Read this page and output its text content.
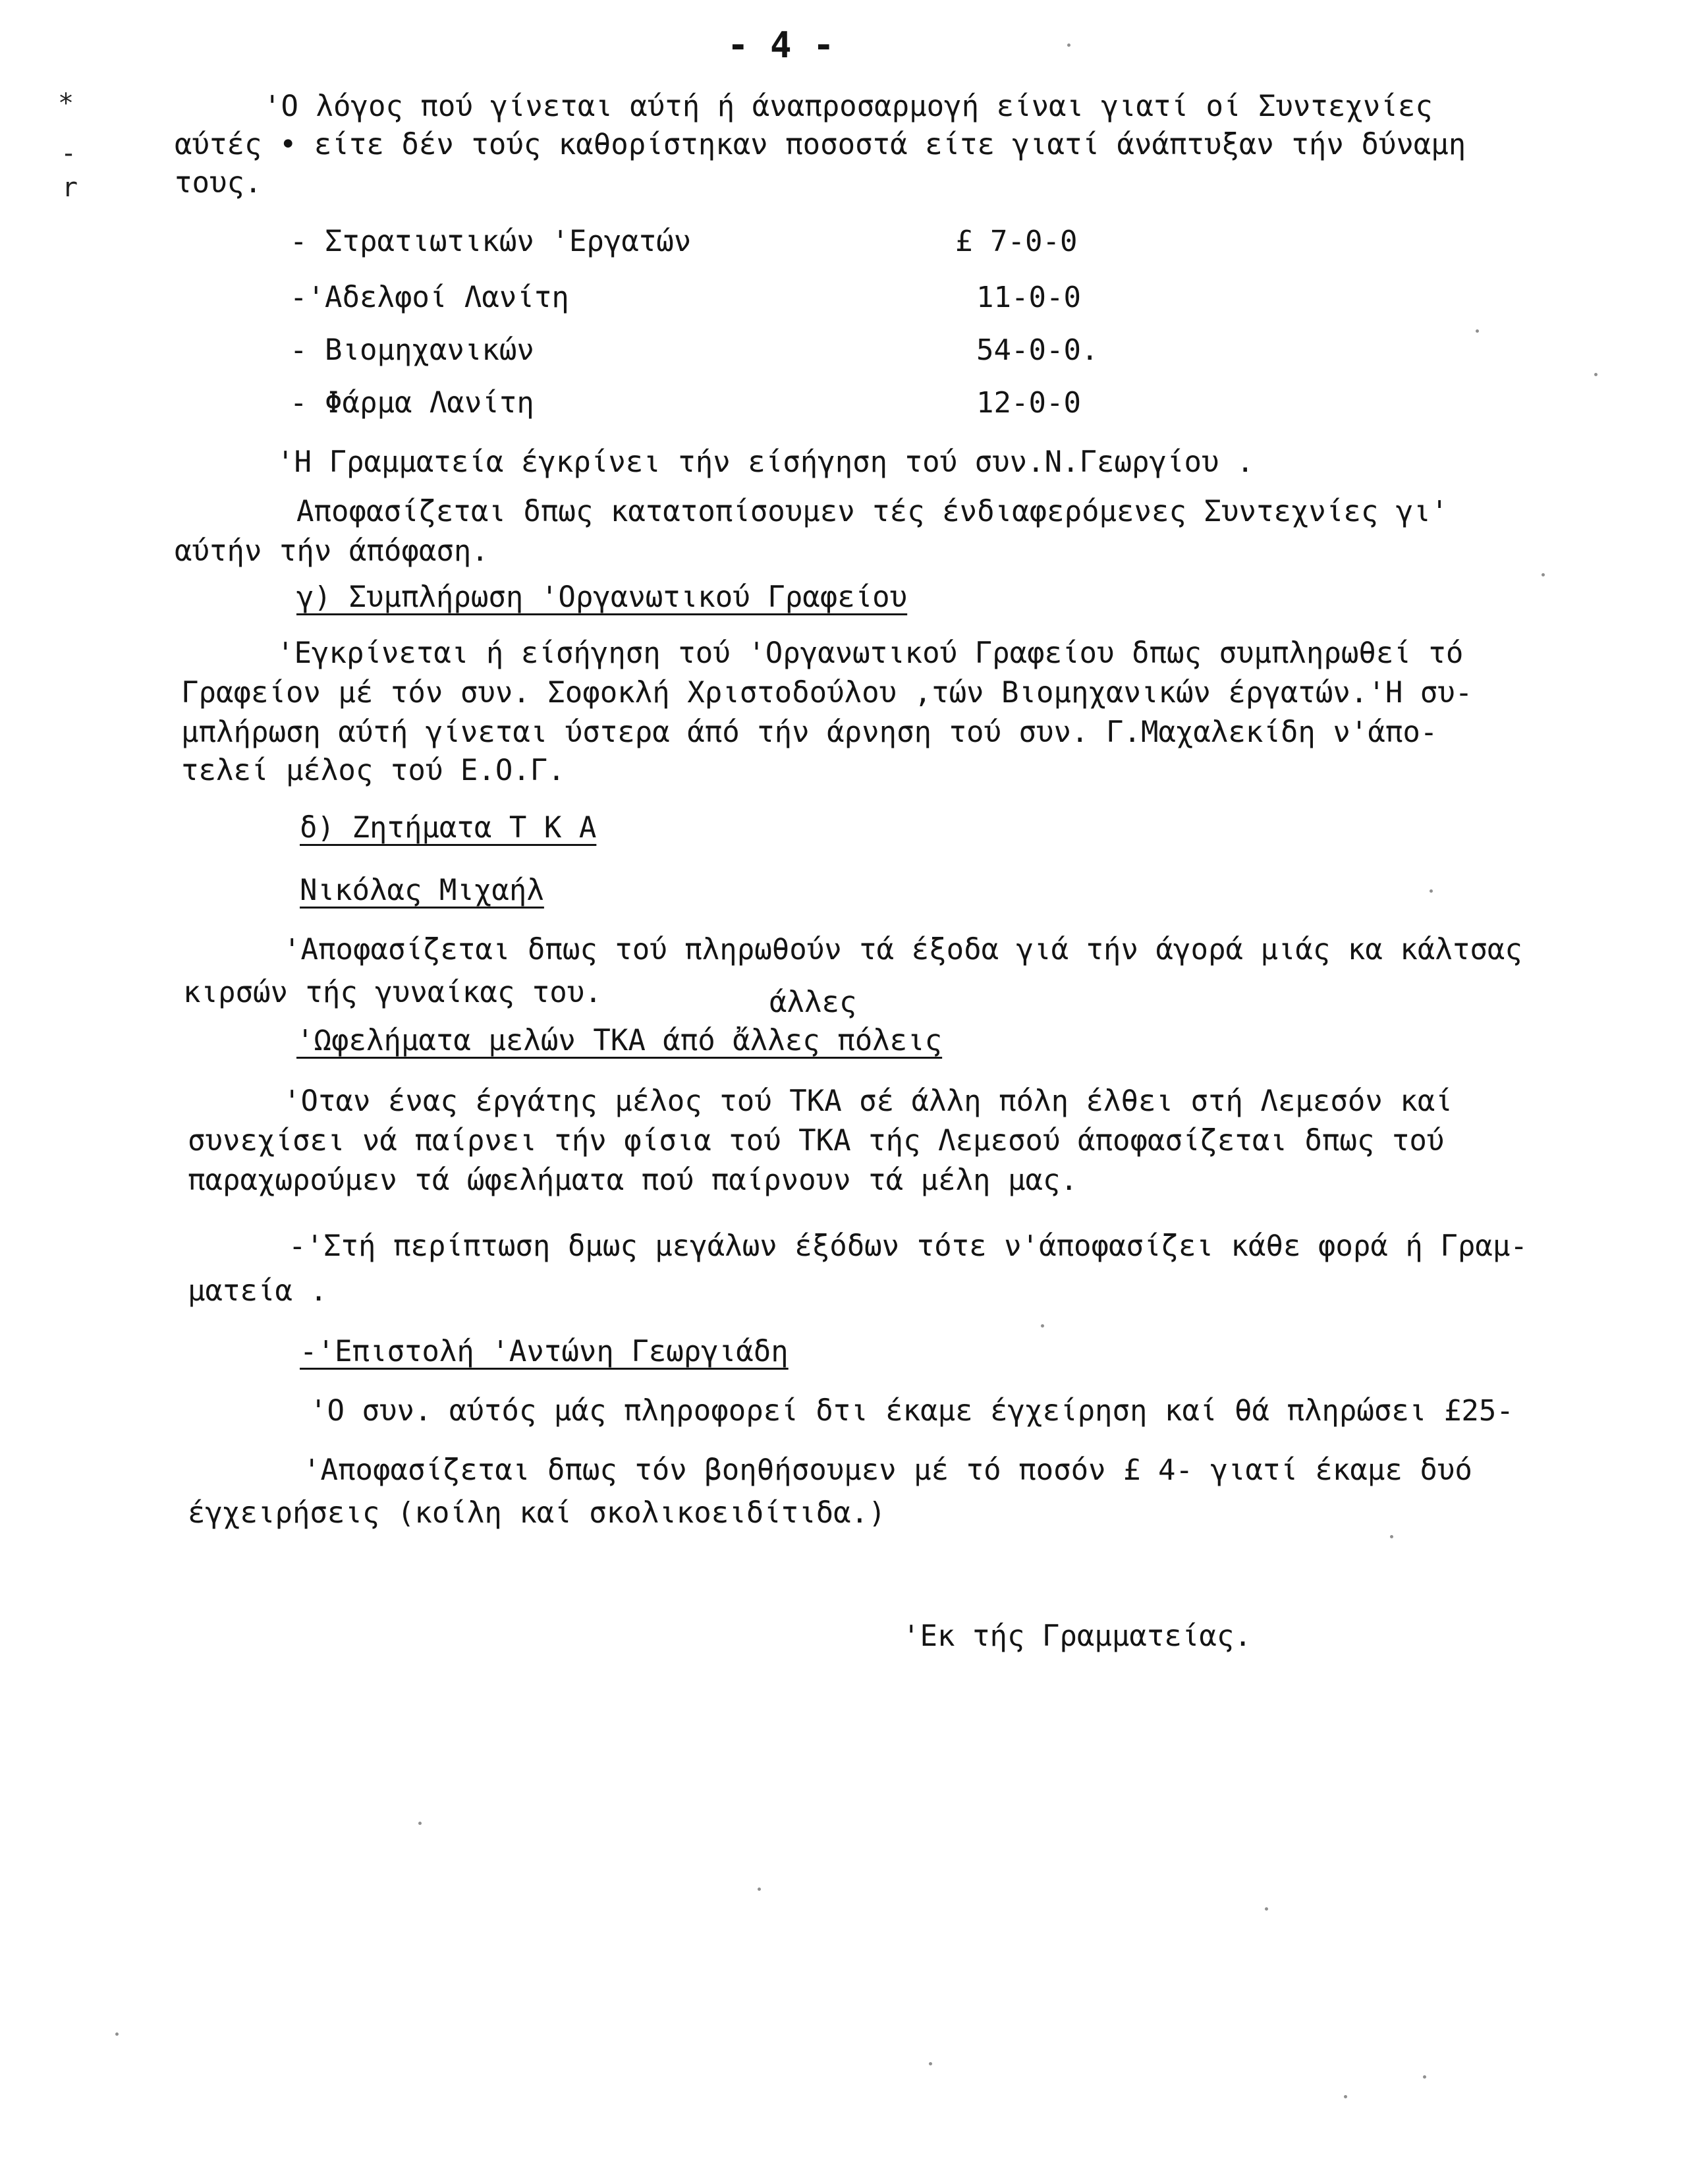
- 4 -
*
-
r
'Ο λόγος πού γίνεται αύτή ή άναπροσαρμογή είναι γιατί οί Συντεχνίες
αύτές • είτε δέν τούς καθορίστηκαν ποσοστά είτε γιατί άνάπτυξαν τήν δύναμη
τους.
- Στρατιωτικών 'Εργατών	£ 7-0-0
-'Αδελφοί Λανίτη	11-0-0
- Βιομηχανικών	54-0-0.
- Φάρμα Λανίτη	12-0-0
'Η Γραμματεία έγκρίνει τήν είσήγηση τού συν.Ν.Γεωργίου .
Αποφασίζεται δπως κατατοπίσουμεν τές ένδιαφερόμενες Συντεχνίες γι'
αύτήν τήν άπόφαση.
γ) Συμπλήρωση 'Οργανωτικού Γραφείου
'Εγκρίνεται ή είσήγηση τού 'Οργανωτικού Γραφείου δπως συμπληρωθεί τό
Γραφείον μέ τόν συν. Σοφοκλή Χριστοδούλου ,τών Βιομηχανικών έργατών.'Η συ-
μπλήρωση αύτή γίνεται ύστερα άπό τήν άρνηση τού συν. Γ.Μαχαλεκίδη ν'άπο-
τελεί μέλος τού Ε.Ο.Γ.
δ) Ζητήματα Τ Κ Α
Νικόλας Μιχαήλ
'Αποφασίζεται δπως τού πληρωθούν τά έξοδα γιά τήν άγορά μιάς κα κάλτσας
κιρσών τής γυναίκας του.	άλλες
'Ωφελήματα μελών ΤΚΑ άπό ἄλλες πόλεις
'Οταν ένας έργάτης μέλος τού ΤΚΑ σέ άλλη πόλη έλθει στή Λεμεσόν καί
συνεχίσει νά παίρνει τήν φίσια τού ΤΚΑ τής Λεμεσού άποφασίζεται δπως τού
παραχωρούμεν τά ώφελήματα πού παίρνουν τά μέλη μας.
-'Στή περίπτωση δμως μεγάλων έξόδων τότε ν'άποφασίζει κάθε φορά ή Γραμ-
ματεία .
-'Επιστολή 'Αντώνη Γεωργιάδη
'Ο συν. αύτός μάς πληροφορεί δτι έκαμε έγχείρηση καί θά πληρώσει £25-
'Αποφασίζεται δπως τόν βοηθήσουμεν μέ τό ποσόν £ 4- γιατί έκαμε δυό
έγχειρήσεις (κοίλη καί σκολικοειδίτιδα.)
'Εκ τής Γραμματείας.
